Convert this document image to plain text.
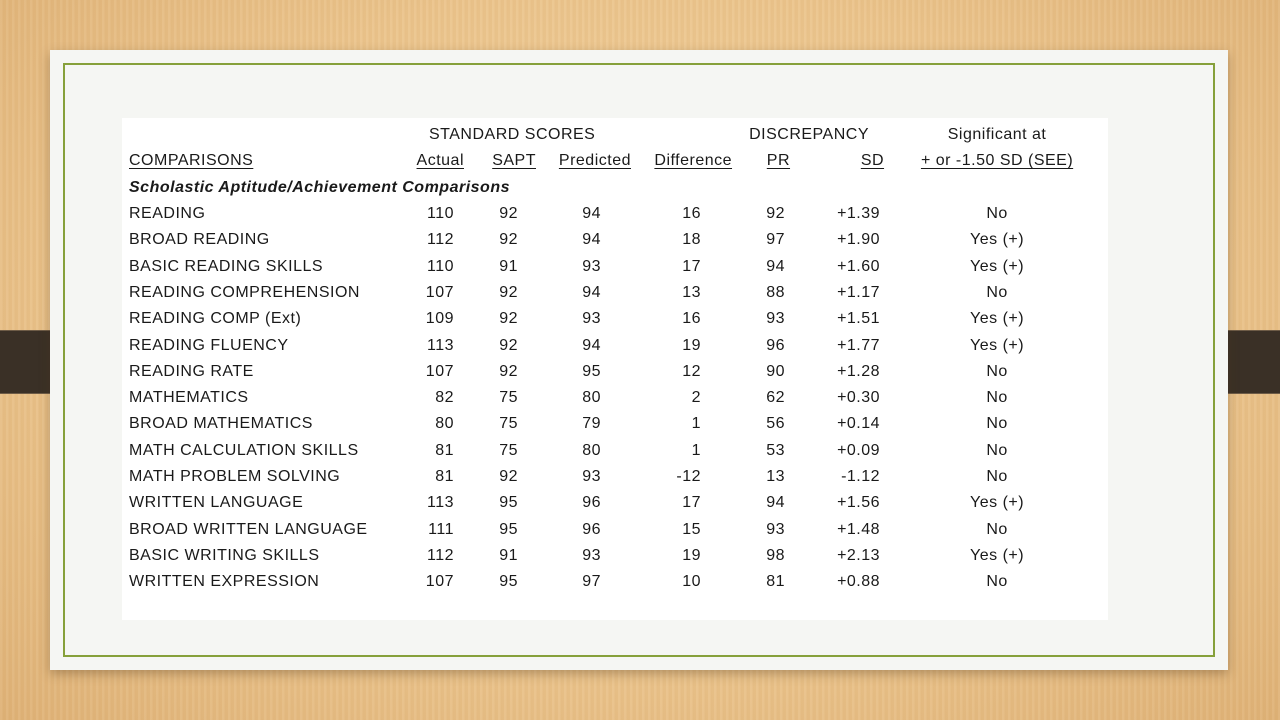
	STANDARD SCORES				DISCREPANCY		Significant at
COMPARISONS	Actual	SAPT	Predicted	Difference	PR	SD	+ or -1.50 SD (SEE)
Scholastic Aptitude/Achievement Comparisons							
READING	110	92	94	16	92	+1.39	No
BROAD READING	112	92	94	18	97	+1.90	Yes (+)
BASIC READING SKILLS	110	91	93	17	94	+1.60	Yes (+)
READING COMPREHENSION	107	92	94	13	88	+1.17	No
READING COMP (Ext)	109	92	93	16	93	+1.51	Yes (+)
READING FLUENCY	113	92	94	19	96	+1.77	Yes (+)
READING RATE	107	92	95	12	90	+1.28	No
MATHEMATICS	82	75	80	2	62	+0.30	No
BROAD MATHEMATICS	80	75	79	1	56	+0.14	No
MATH CALCULATION SKILLS	81	75	80	1	53	+0.09	No
MATH PROBLEM SOLVING	81	92	93	-12	13	-1.12	No
WRITTEN LANGUAGE	113	95	96	17	94	+1.56	Yes (+)
BROAD WRITTEN LANGUAGE	111	95	96	15	93	+1.48	No
BASIC WRITING SKILLS	112	91	93	19	98	+2.13	Yes (+)
WRITTEN EXPRESSION	107	95	97	10	81	+0.88	No
